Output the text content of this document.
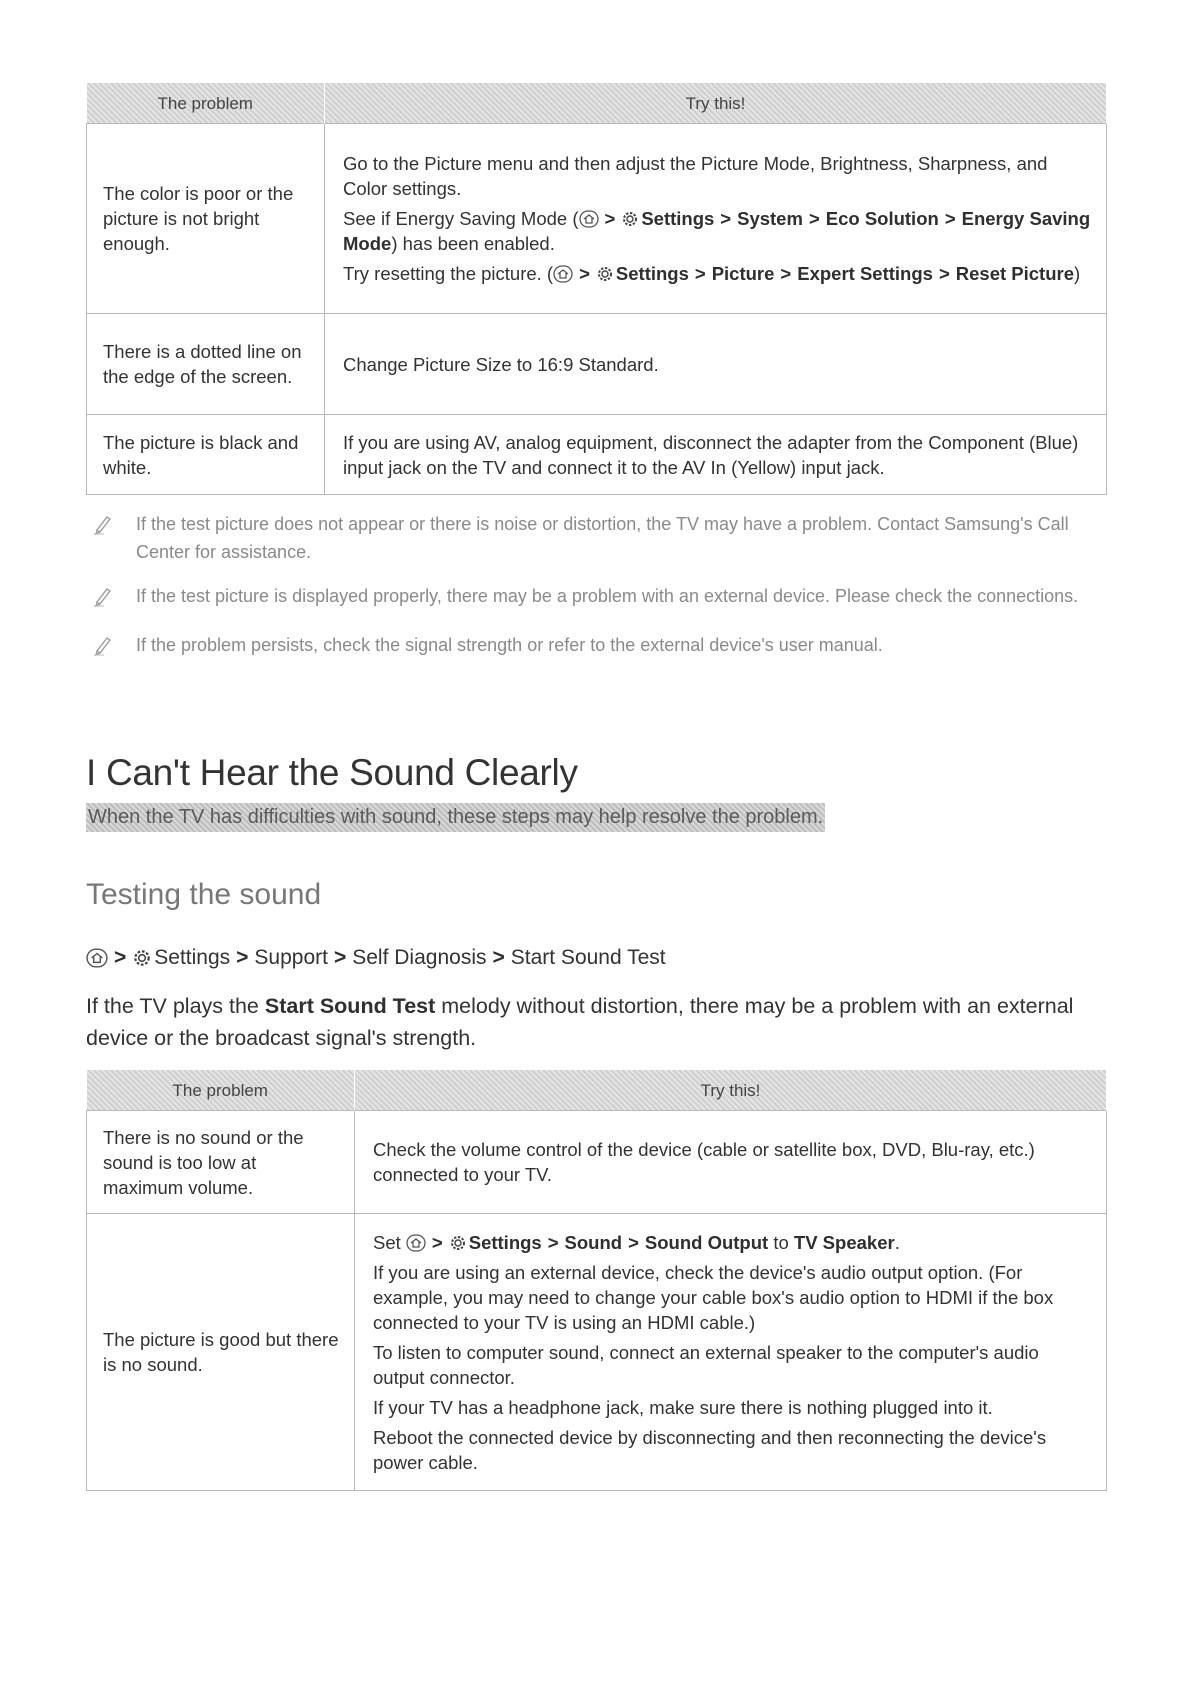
The problem	Try this!
The color is poor or the picture is not bright enough.	Go to the Picture menu and then adjust the Picture Mode, Brightness, Sharpness, and Color settings.

See if Energy Saving Mode ( > Settings > System > Eco Solution > Energy Saving Mode) has been enabled.

Try resetting the picture. ( > Settings > Picture > Expert Settings > Reset Picture)

There is a dotted line on the edge of the screen.	Change Picture Size to 16:9 Standard.
The picture is black and white.	If you are using AV, analog equipment, disconnect the adapter from the Component (Blue) input jack on the TV and connect it to the AV In (Yellow) input jack.
If the test picture does not appear or there is noise or distortion, the TV may have a problem. Contact Samsung's Call Center for assistance.
If the test picture is displayed properly, there may be a problem with an external device. Please check the connections.
If the problem persists, check the signal strength or refer to the external device's user manual.
I Can't Hear the Sound Clearly
When the TV has difficulties with sound, these steps may help resolve the problem.
Testing the sound
> Settings > Support > Self Diagnosis > Start Sound Test
If the TV plays the Start Sound Test melody without distortion, there may be a problem with an external device or the broadcast signal's strength.
The problem	Try this!
There is no sound or the sound is too low at maximum volume.	Check the volume control of the device (cable or satellite box, DVD, Blu-ray, etc.) connected to your TV.
The picture is good but there is no sound.	Set > Settings > Sound > Sound Output to TV Speaker.

If you are using an external device, check the device's audio output option. (For example, you may need to change your cable box's audio option to HDMI if the box connected to your TV is using an HDMI cable.)

To listen to computer sound, connect an external speaker to the computer's audio output connector.

If your TV has a headphone jack, make sure there is nothing plugged into it.

Reboot the connected device by disconnecting and then reconnecting the device's power cable.
